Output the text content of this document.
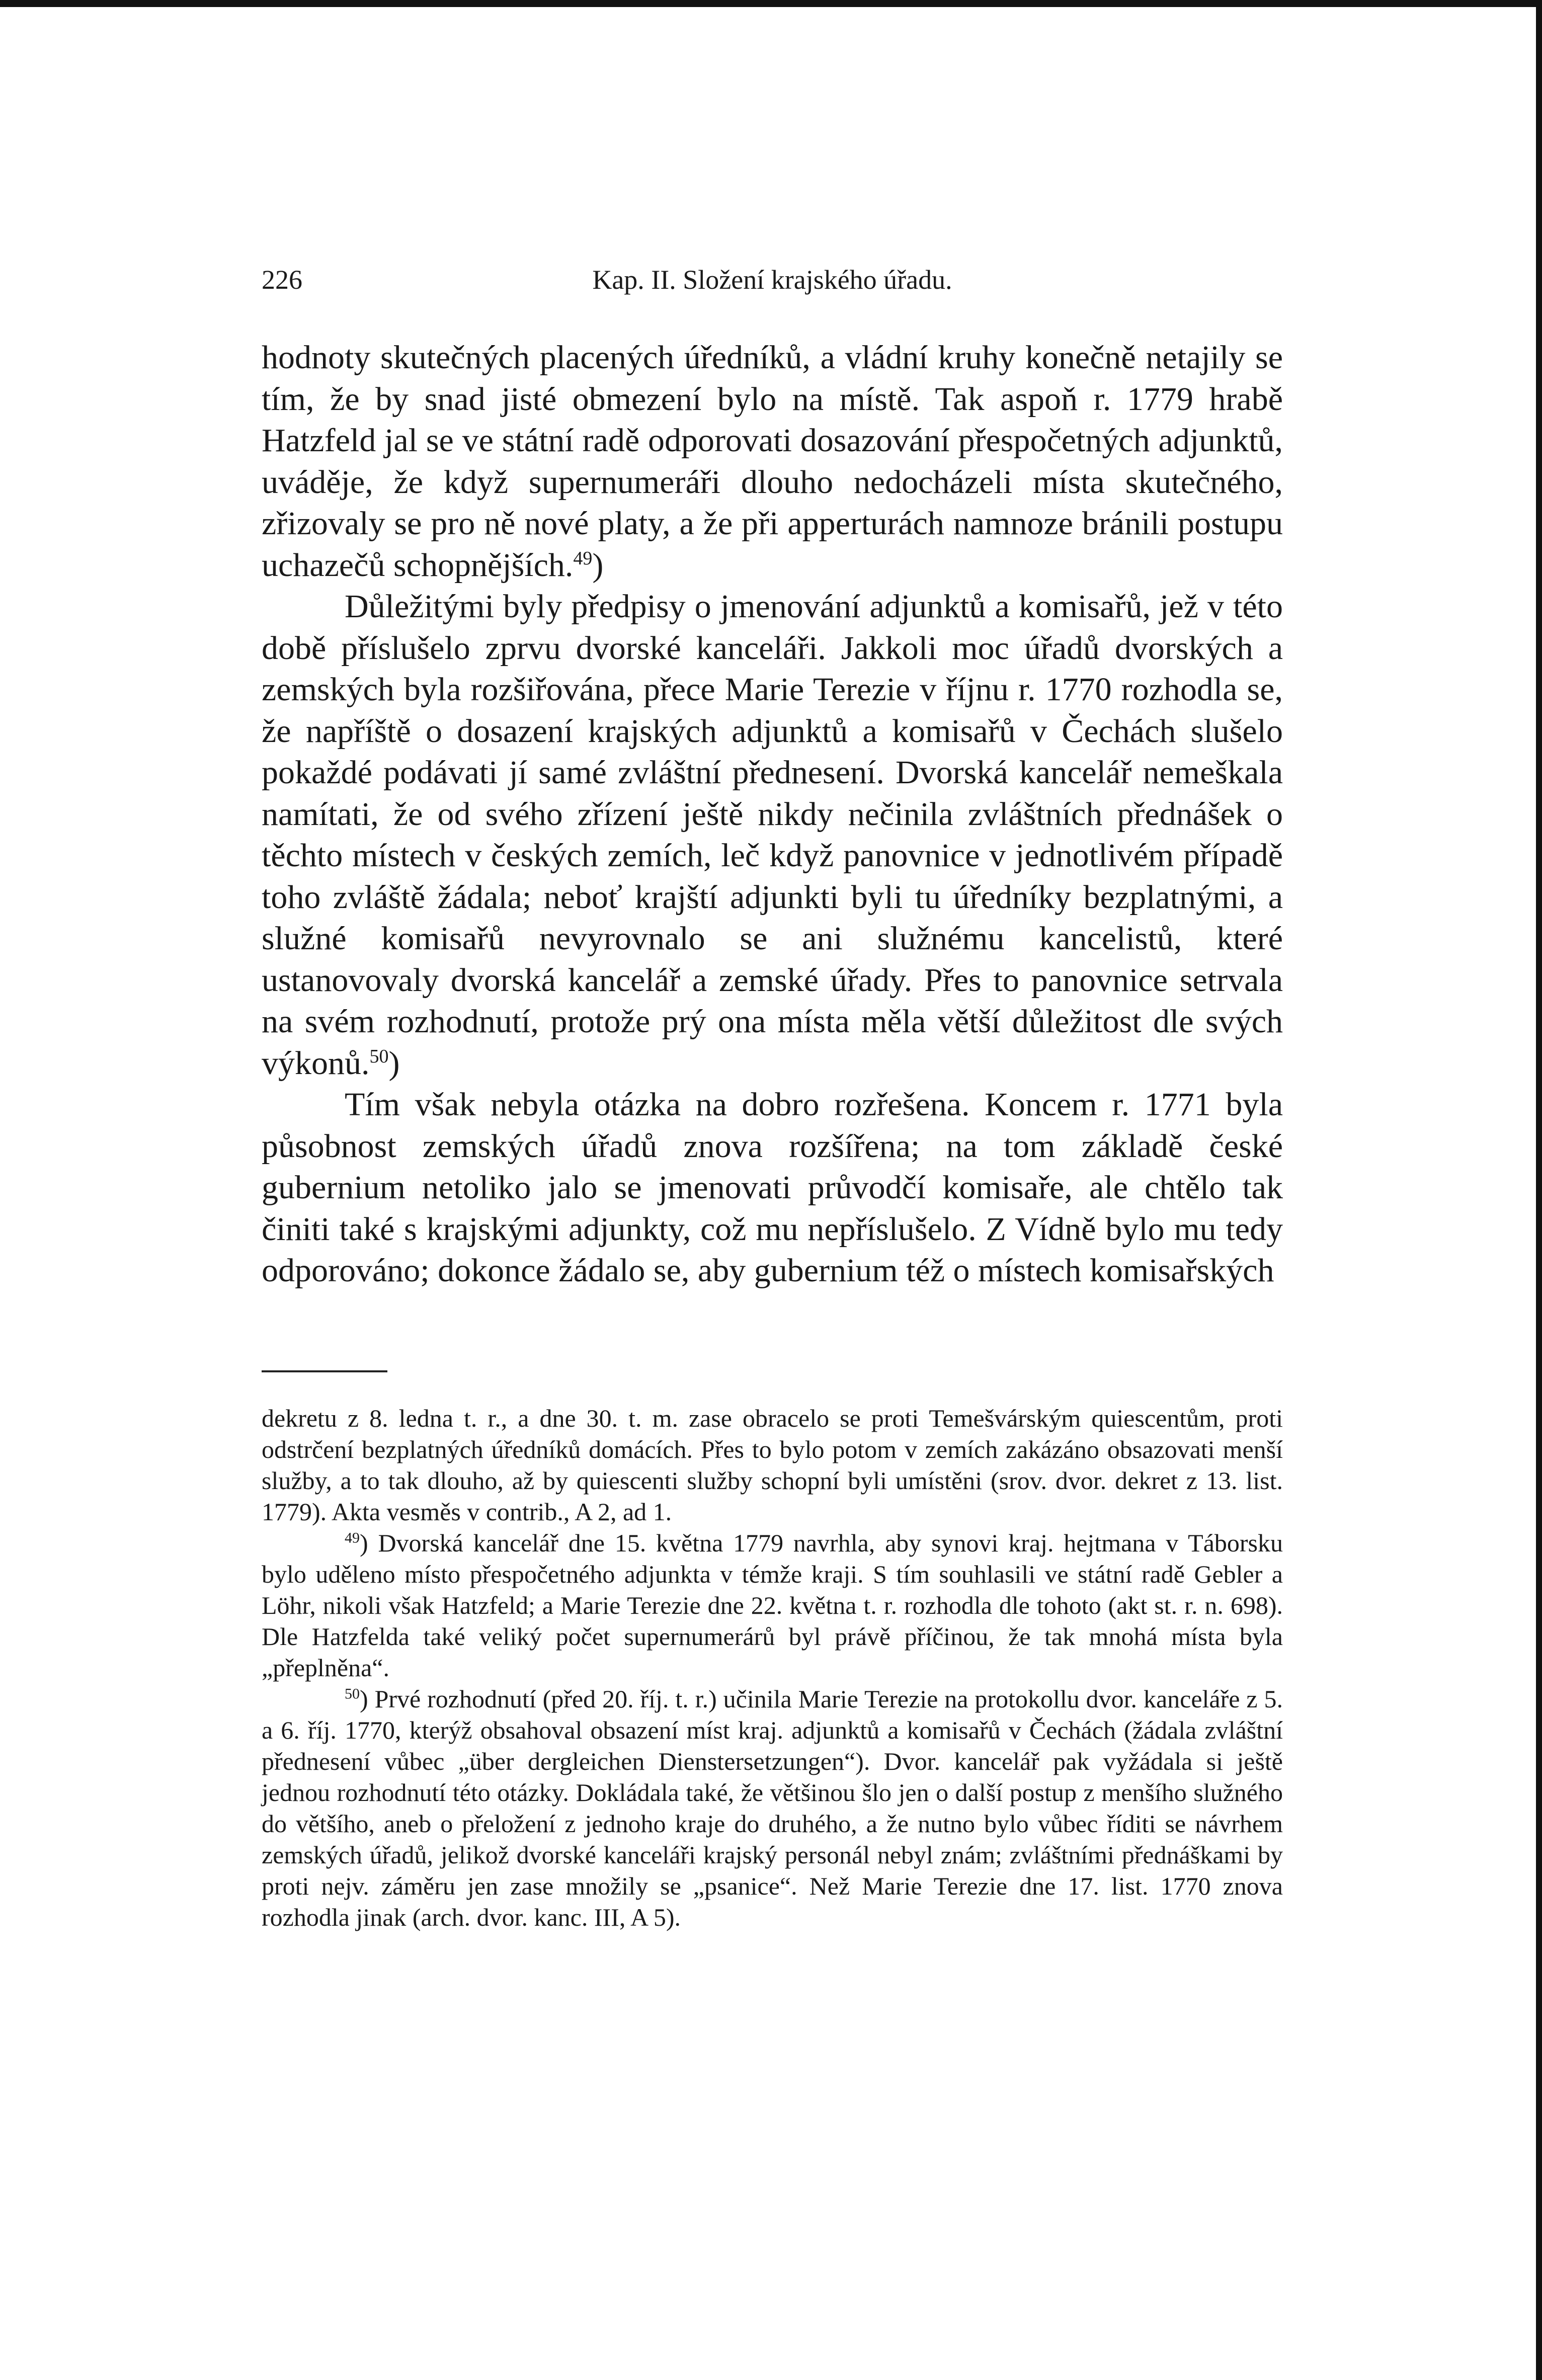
226	Kap. II. Složení krajského úřadu.

hodnoty skutečných placených úředníků, a vládní kruhy konečně netajily se tím, že by snad jisté obmezení bylo na místě. Tak aspoň r. 1779 hrabě Hatzfeld jal se ve státní radě odporovati dosazování přespočetných adjunktů, uváděje, že když supernumeráři dlouho nedocházeli místa skutečného, zřizovaly se pro ně nové platy, a že při apperturách namnoze bránili postupu uchazečů schopnějších.$^{49}$)

Důležitými byly předpisy o jmenování adjunktů a komisařů, jež v této době příslušelo zprvu dvorské kanceláři. Jakkoli moc úřadů dvorských a zemských byla rozšiřována, přece Marie Terezie v říjnu r. 1770 rozhodla se, že napříště o dosazení krajských adjunktů a komisařů v Čechách slušelo pokaždé podávati jí samé zvláštní přednesení. Dvorská kancelář nemeškala namítati, že od svého zřízení ještě nikdy nečinila zvláštních přednášek o těchto místech v českých zemích, leč když panovnice v jednotlivém případě toho zvláště žádala; neboť krajští adjunkti byli tu úředníky bezplatnými, a služné komisařů nevyrovnalo se ani služnému kancelistů, které ustanovovaly dvorská kancelář a zemské úřady. Přes to panovnice setrvala na svém rozhodnutí, protože prý ona místa měla větší důležitost dle svých výkonů.$^{50}$)

Tím však nebyla otázka na dobro rozřešena. Koncem r. 1771 byla působnost zemských úřadů znova rozšířena; na tom základě české gubernium netoliko jalo se jmenovati průvodčí komisaře, ale chtělo tak činiti také s krajskými adjunkty, což mu nepříslušelo. Z Vídně bylo mu tedy odporováno; dokonce žádalo se, aby gubernium též o místech komisařských

dekretu z 8. ledna t. r., a dne 30. t. m. zase obracelo se proti Temešvárským quiescentům, proti odstrčení bezplatných úředníků domácích. Přes to bylo potom v zemích zakázáno obsazovati menší služby, a to tak dlouho, až by quiescenti služby schopní byli umístěni (srov. dvor. dekret z 13. list. 1779). Akta vesměs v contrib., A 2, ad 1.

$^{49}$) Dvorská kancelář dne 15. května 1779 navrhla, aby synovi kraj. hejtmana v Táborsku bylo uděleno místo přespočetného adjunkta v témže kraji. S tím souhlasili ve státní radě Gebler a Löhr, nikoli však Hatzfeld; a Marie Terezie dne 22. května t. r. rozhodla dle tohoto (akt st. r. n. 698). Dle Hatzfelda také veliký počet supernumerárů byl právě příčinou, že tak mnohá místa byla „přeplněna“.

$^{50}$) Prvé rozhodnutí (před 20. říj. t. r.) učinila Marie Terezie na protokollu dvor. kanceláře z 5. a 6. říj. 1770, kterýž obsahoval obsazení míst kraj. adjunktů a komisařů v Čechách (žádala zvláštní přednesení vůbec „über dergleichen Dienstersetzungen“). Dvor. kancelář pak vyžádala si ještě jednou rozhodnutí této otázky. Dokládala také, že většinou šlo jen o další postup z menšího služného do většího, aneb o přeložení z jednoho kraje do druhého, a že nutno bylo vůbec říditi se návrhem zemských úřadů, jelikož dvorské kanceláři krajský personál nebyl znám; zvláštními přednáškami by proti nejv. záměru jen zase množily se „psanice“. Než Marie Terezie dne 17. list. 1770 znova rozhodla jinak (arch. dvor. kanc. III, A 5).
